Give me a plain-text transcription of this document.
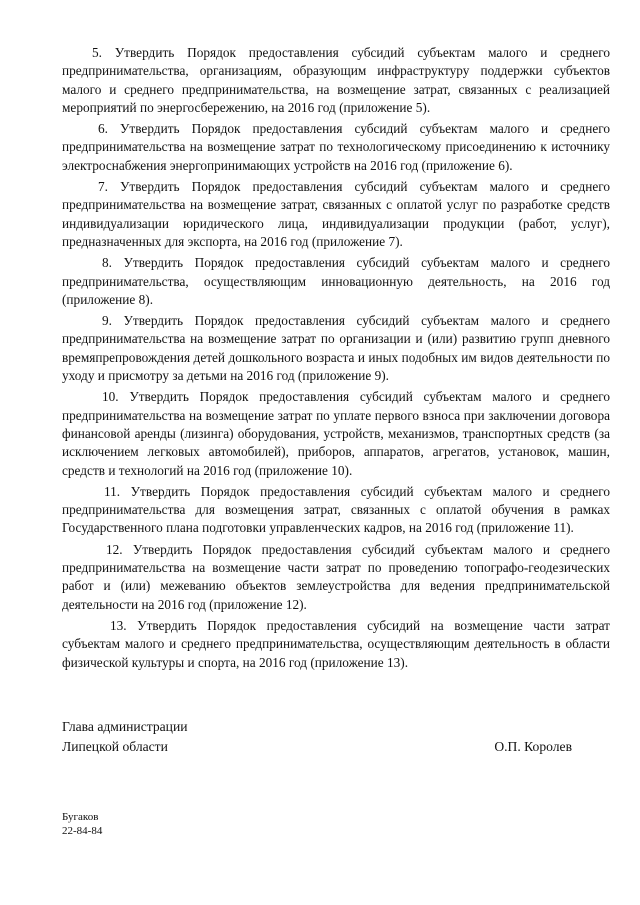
5. Утвердить Порядок предоставления субсидий субъектам малого и среднего предпринимательства, организациям, образующим инфраструктуру поддержки субъектов малого и среднего предпринимательства, на возмещение затрат, связанных с реализацией мероприятий по энергосбережению, на 2016 год (приложение 5).

6. Утвердить Порядок предоставления субсидий субъектам малого и среднего предпринимательства на возмещение затрат по технологическому присоединению к источнику электроснабжения энергопринимающих устройств на 2016 год (приложение 6).

7. Утвердить Порядок предоставления субсидий субъектам малого и среднего предпринимательства на возмещение затрат, связанных с оплатой услуг по разработке средств индивидуализации юридического лица, индивидуализации продукции (работ, услуг), предназначенных для экспорта, на 2016 год (приложение 7).

8. Утвердить Порядок предоставления субсидий субъектам малого и среднего предпринимательства, осуществляющим инновационную деятельность, на 2016 год (приложение 8).

9. Утвердить Порядок предоставления субсидий субъектам малого и среднего предпринимательства на возмещение затрат по организации и (или) развитию групп дневного времяпрепровождения детей дошкольного возраста и иных подобных им видов деятельности по уходу и присмотру за детьми на 2016 год (приложение 9).

10. Утвердить Порядок предоставления субсидий субъектам малого и среднего предпринимательства на возмещение затрат по уплате первого взноса при заключении договора финансовой аренды (лизинга) оборудования, устройств, механизмов, транспортных средств (за исключением легковых автомобилей), приборов, аппаратов, агрегатов, установок, машин, средств и технологий на 2016 год (приложение 10).

11. Утвердить Порядок предоставления субсидий субъектам малого и среднего предпринимательства для возмещения затрат, связанных с оплатой обучения в рамках Государственного плана подготовки управленческих кадров, на 2016 год (приложение 11).

12. Утвердить Порядок предоставления субсидий субъектам малого и среднего предпринимательства на возмещение части затрат по проведению топографо-геодезических работ и (или) межеванию объектов землеустройства для ведения предпринимательской деятельности на 2016 год (приложение 12).

13. Утвердить Порядок предоставления субсидий на возмещение части затрат субъектам малого и среднего предпринимательства, осуществляющим деятельность в области физической культуры и спорта, на 2016 год (приложение 13).

Глава администрации
Липецкой области	О.П. Королев
Бугаков
22-84-84
